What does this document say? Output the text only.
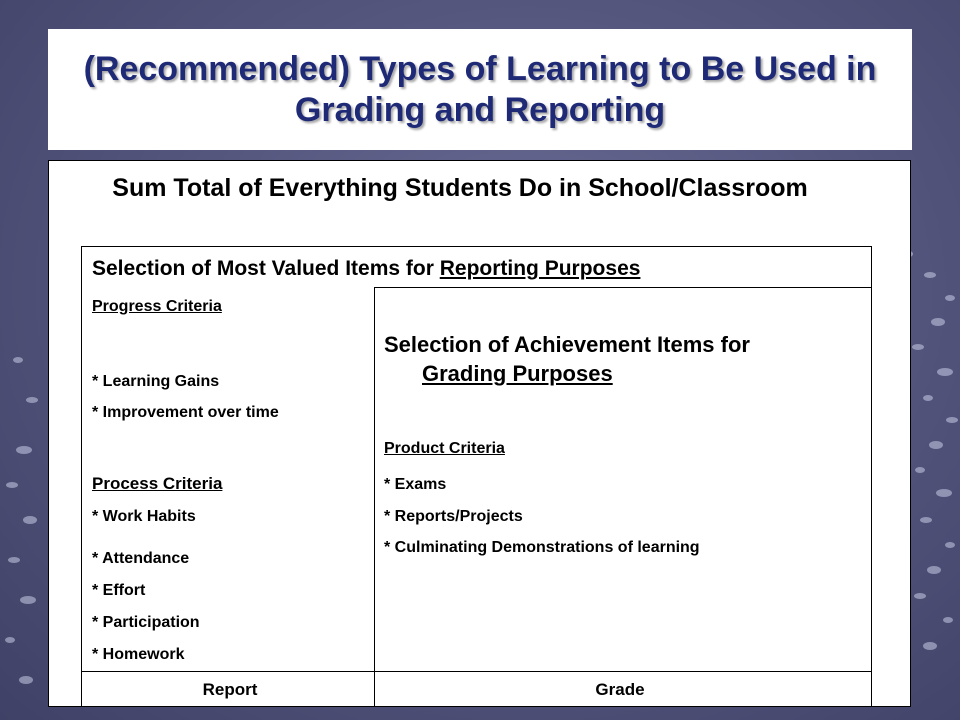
(Recommended) Types of Learning to Be Used in Grading and Reporting
Sum Total of Everything Students Do in School/Classroom
Selection of Most Valued Items for Reporting Purposes
Progress Criteria
* Learning Gains
* Improvement over time
Process Criteria
* Work Habits
* Attendance
* Effort
* Participation
* Homework
Selection of Achievement Items for
Grading Purposes
Product Criteria
* Exams
* Reports/Projects
* Culminating Demonstrations of learning
Report	Grade
